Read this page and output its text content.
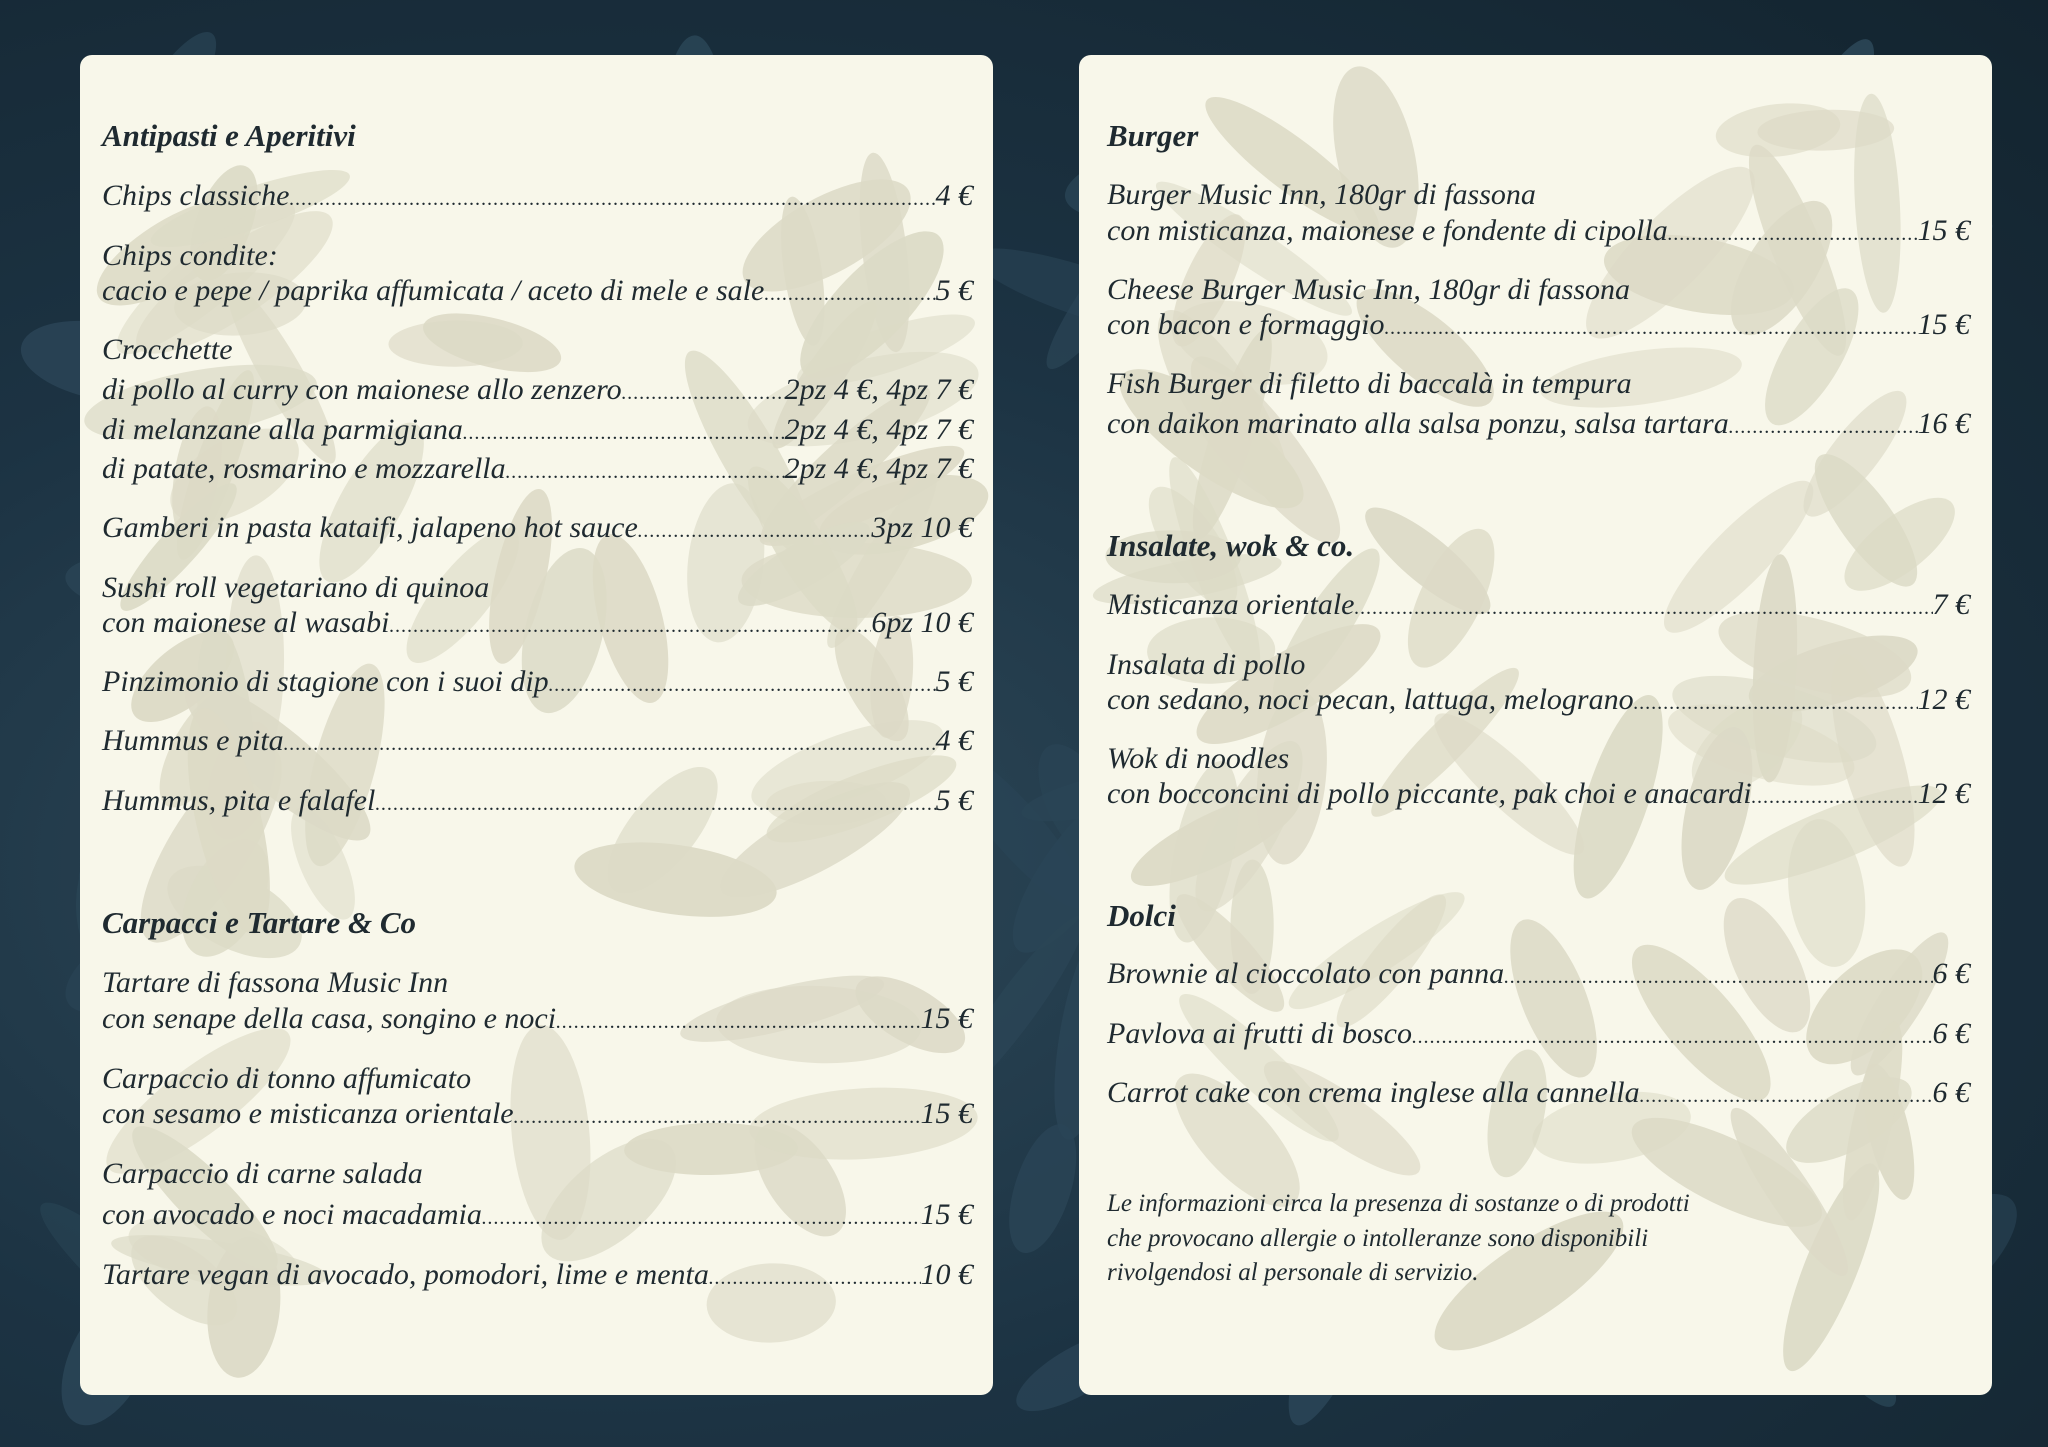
Antipasti e Aperitivi
Chips classiche .....	4 €
Chips condite:
cacio e pepe / paprika affumicata / aceto di mele e sale .....	5 €
Crocchette
di pollo al curry con maionese allo zenzero .....	2pz 4 €, 4pz 7 €
di melanzane alla parmigiana .....	2pz 4 €, 4pz 7 €
di patate, rosmarino e mozzarella .....	2pz 4 €, 4pz 7 €
Gamberi in pasta kataifi, jalapeno hot sauce .....	3pz 10 €
Sushi roll vegetariano di quinoa
con maionese al wasabi .....	6pz 10 €
Pinzimonio di stagione con i suoi dip .....	5 €
Hummus e pita .....	4 €
Hummus, pita e falafel .....	5 €
Carpacci e Tartare & Co
Tartare di fassona Music Inn
con senape della casa, songino e noci .....	15 €
Carpaccio di tonno affumicato
con sesamo e misticanza orientale .....	15 €
Carpaccio di carne salada
con avocado e noci macadamia .....	15 €
Tartare vegan di avocado, pomodori, lime e menta .....	10 €
Burger
Burger Music Inn, 180gr di fassona
con misticanza, maionese e fondente di cipolla .....	15 €
Cheese Burger Music Inn, 180gr di fassona
con bacon e formaggio .....	15 €
Fish Burger di filetto di baccalà in tempura
con daikon marinato alla salsa ponzu, salsa tartara .....	16 €
Insalate, wok & co.
Misticanza orientale .....	7 €
Insalata di pollo
con sedano, noci pecan, lattuga, melograno .....	12 €
Wok di noodles
con bocconcini di pollo piccante, pak choi e anacardi .....	12 €
Dolci
Brownie al cioccolato con panna .....	6 €
Pavlova ai frutti di bosco .....	6 €
Carrot cake con crema inglese alla cannella .....	6 €
Le informazioni circa la presenza di sostanze o di prodotti
che provocano allergie o intolleranze sono disponibili
rivolgendosi al personale di servizio.
